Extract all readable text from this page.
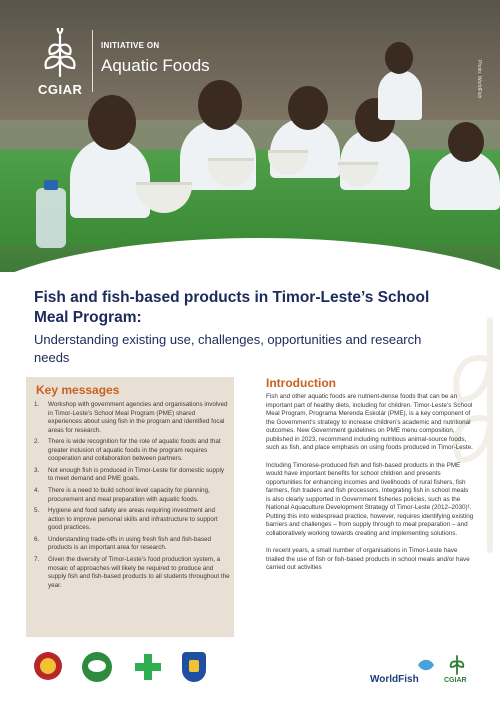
CGIAR
INITIATIVE ON
Aquatic Foods	Photo: WorldFish
Fish and fish-based products in Timor-Leste’s School Meal Program:
Understanding existing use, challenges, opportunities and research needs
Key messages
1. Workshop with government agencies and organisations involved in Timor-Leste’s School Meal Program (PME) shared experiences about using fish in the program and identified focal areas for research.
2. There is wide recognition for the role of aquatic foods and that greater inclusion of aquatic foods in the program requires cooperation and collaboration between partners.
3. Not enough fish is produced in Timor-Leste for domestic supply to meet demand and PME goals.
4. There is a need to build school level capacity for planning, procurement and meal preparation with aquatic foods.
5. Hygiene and food safety are areas requiring investment and action to improve personal skills and infrastructure to support good practices.
6. Understanding trade-offs in using fresh fish and fish-based products is an important area for research.
7. Given the diversity of Timor-Leste’s food production system, a mosaic of approaches will likely be required to produce and supply fish and fish-based products to all students throughout the year.
Introduction

Fish and other aquatic foods are nutrient-dense foods that can be an important part of healthy diets, including for children. Timor-Leste’s School Meal Program, Programa Merenda Eskolár (PME), is a key component of the Government’s strategy to increase children’s academic and nutritional outcomes. New Government guidelines on PME menu composition, published in 2023, recommend including nutritious animal-source foods, such as fish, and place emphasis on using foods produced in Timor-Leste.

Including Timorese-produced fish and fish-based products in the PME would have important benefits for school children and presents opportunities for enhancing incomes and livelihoods of rural fishers, fish farmers, fish traders and fish processors. Integrating fish in school meals is also clearly supported in Government fisheries policies, such as the National Aquaculture Development Strategy of Timor-Leste (2012–2030)¹. Putting this into widespread practice, however, requires identifying existing barriers and challenges – from supply through to meal preparation – and collaboratively working towards creating and implementing solutions.

In recent years, a small number of organisations in Timor-Leste have trialled the use of fish or fish-based products in school meals and/or have carried out activities

WorldFish	CGIAR
